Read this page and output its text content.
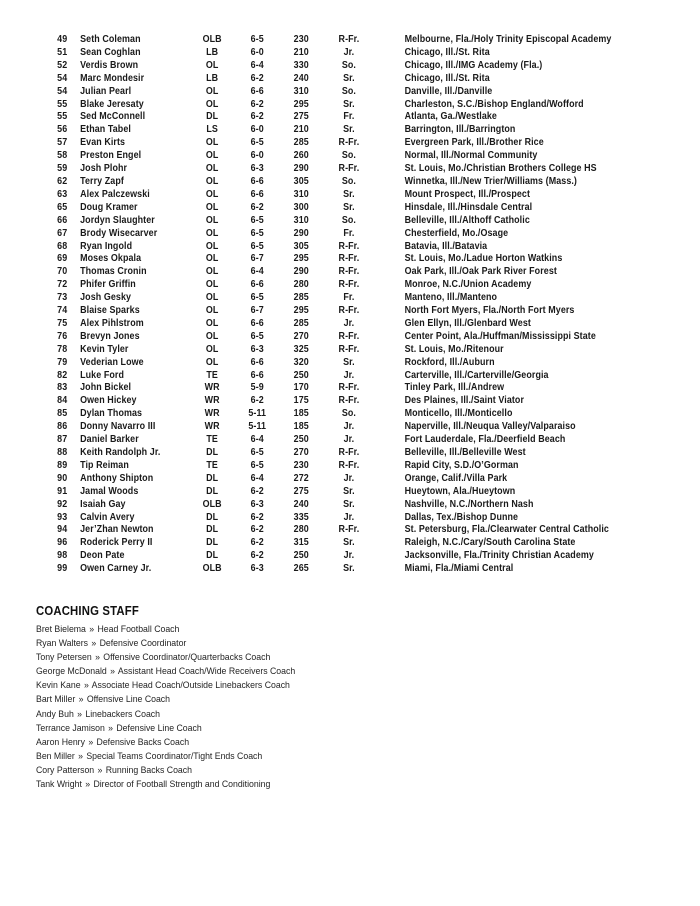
49	Seth Coleman	OLB	6-5	230	R-Fr.	Melbourne, Fla./Holy Trinity Episcopal Academy
51	Sean Coghlan	LB	6-0	210	Jr.	Chicago, Ill./St. Rita
52	Verdis Brown	OL	6-4	330	So.	Chicago, Ill./IMG Academy (Fla.)
54	Marc Mondesir	LB	6-2	240	Sr.	Chicago, Ill./St. Rita
54	Julian Pearl	OL	6-6	310	So.	Danville, Ill./Danville
55	Blake Jeresaty	OL	6-2	295	Sr.	Charleston, S.C./Bishop England/Wofford
55	Sed McConnell	DL	6-2	275	Fr.	Atlanta, Ga./Westlake
56	Ethan Tabel	LS	6-0	210	Sr.	Barrington, Ill./Barrington
57	Evan Kirts	OL	6-5	285	R-Fr.	Evergreen Park, Ill./Brother Rice
58	Preston Engel	OL	6-0	260	So.	Normal, Ill./Normal Community
59	Josh Plohr	OL	6-3	290	R-Fr.	St. Louis, Mo./Christian Brothers College HS
62	Terry Zapf	OL	6-6	305	So.	Winnetka, Ill./New Trier/Williams (Mass.)
63	Alex Palczewski	OL	6-6	310	Sr.	Mount Prospect, Ill./Prospect
65	Doug Kramer	OL	6-2	300	Sr.	Hinsdale, Ill./Hinsdale Central
66	Jordyn Slaughter	OL	6-5	310	So.	Belleville, Ill./Althoff Catholic
67	Brody Wisecarver	OL	6-5	290	Fr.	Chesterfield, Mo./Osage
68	Ryan Ingold	OL	6-5	305	R-Fr.	Batavia, Ill./Batavia
69	Moses Okpala	OL	6-7	295	R-Fr.	St. Louis, Mo./Ladue Horton Watkins
70	Thomas Cronin	OL	6-4	290	R-Fr.	Oak Park, Ill./Oak Park River Forest
72	Phifer Griffin	OL	6-6	280	R-Fr.	Monroe, N.C./Union Academy
73	Josh Gesky	OL	6-5	285	Fr.	Manteno, Ill./Manteno
74	Blaise Sparks	OL	6-7	295	R-Fr.	North Fort Myers, Fla./North Fort Myers
75	Alex Pihlstrom	OL	6-6	285	Jr.	Glen Ellyn, Ill./Glenbard West
76	Brevyn Jones	OL	6-5	270	R-Fr.	Center Point, Ala./Huffman/Mississippi State
78	Kevin Tyler	OL	6-3	325	R-Fr.	St. Louis, Mo./Ritenour
79	Vederian Lowe	OL	6-6	320	Sr.	Rockford, Ill./Auburn
82	Luke Ford	TE	6-6	250	Jr.	Carterville, Ill./Carterville/Georgia
83	John Bickel	WR	5-9	170	R-Fr.	Tinley Park, Ill./Andrew
84	Owen Hickey	WR	6-2	175	R-Fr.	Des Plaines, Ill./Saint Viator
85	Dylan Thomas	WR	5-11	185	So.	Monticello, Ill./Monticello
86	Donny Navarro III	WR	5-11	185	Jr.	Naperville, Ill./Neuqua Valley/Valparaiso
87	Daniel Barker	TE	6-4	250	Jr.	Fort Lauderdale, Fla./Deerfield Beach
88	Keith Randolph Jr.	DL	6-5	270	R-Fr.	Belleville, Ill./Belleville West
89	Tip Reiman	TE	6-5	230	R-Fr.	Rapid City, S.D./O’Gorman
90	Anthony Shipton	DL	6-4	272	Jr.	Orange, Calif./Villa Park
91	Jamal Woods	DL	6-2	275	Sr.	Hueytown, Ala./Hueytown
92	Isaiah Gay	OLB	6-3	240	Sr.	Nashville, N.C./Northern Nash
93	Calvin Avery	DL	6-2	335	Jr.	Dallas, Tex./Bishop Dunne
94	Jer’Zhan Newton	DL	6-2	280	R-Fr.	St. Petersburg, Fla./Clearwater Central Catholic
96	Roderick Perry II	DL	6-2	315	Sr.	Raleigh, N.C./Cary/South Carolina State
98	Deon Pate	DL	6-2	250	Jr.	Jacksonville, Fla./Trinity Christian Academy
99	Owen Carney Jr.	OLB	6-3	265	Sr.	Miami, Fla./Miami Central
COACHING STAFF
Bret Bielema » Head Football Coach
Ryan Walters » Defensive Coordinator
Tony Petersen » Offensive Coordinator/Quarterbacks Coach
George McDonald » Assistant Head Coach/Wide Receivers Coach
Kevin Kane » Associate Head Coach/Outside Linebackers Coach
Bart Miller » Offensive Line Coach
Andy Buh » Linebackers Coach
Terrance Jamison » Defensive Line Coach
Aaron Henry » Defensive Backs Coach
Ben Miller » Special Teams Coordinator/Tight Ends Coach
Cory Patterson » Running Backs Coach
Tank Wright » Director of Football Strength and Conditioning
